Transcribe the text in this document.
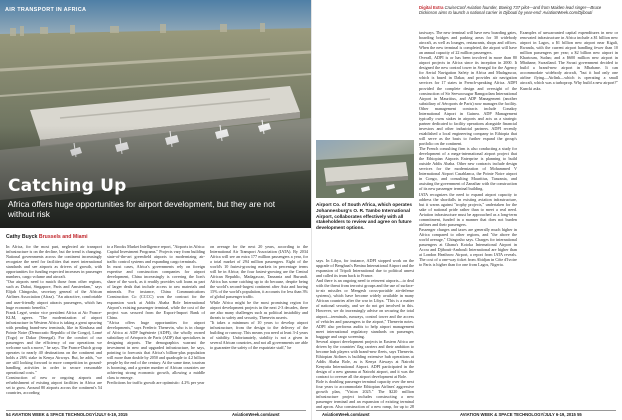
AIR TRANSPORT IN AFRICA
Catching Up
Africa offers huge opportunities for airport development, but they are not without risk
Cathy Buyck Brussels and Miami
In Africa, for the most part, neglected air transport infrastructure is on the decline, but the trend is changing. National governments across the continent increasingly recognize the need for facilities that meet international standards and see airports as drivers of growth, with opportunities for funding expected increases in passenger numbers, cargo volume and aircraft.
"Our airports need to match those from other regions, such as Dubai, Singapore, Paris and Amsterdam," says Elijah Chingosho, secretary general of the African Airlines Association (Afraa). "An attractive, comfortable and user-friendly airport attracts passengers, which has huge economic benefits."
Frank Legré, senior vice president Africa at Air France-KLM, agrees. "The modernization of airport infrastructure in Western Africa is taking a great upswing with pending brand-new terminals, like in Kinshasa and Pointe Noire (Democratic Republic of the Congo), Lomé (Togo) or Dakar (Senegal). For the comfort of our passengers and the efficiency of our operations we welcome such a move," he says. The France-Dutch group operates to nearly 40 destinations on the continent and holds a 26% stake in Kenya Airways. But, he adds, "we are still looking forward to more competition in ground-handling activities in order to secure reasonable operational costs."
Construction of new or ongoing airports and refurbishment of existing airport facilities in Africa are set to grow. Around 80 airports across the continent's 54 countries, according
to a Brooks Market Intelligence report, "Airports in Africa: Capital Investment Programs." Projects vary from building state-of-the-art greenfield airports to modernizing air-traffic control systems and expanding cargo terminals.
In most cases, Africa's governments rely on foreign expertise and construction companies for airport development, China increasingly is covering the lion's share of the work, as it readily provides soft loans as part of larger deals that include access to raw materials and minerals. For instance, China Communications Construction Co (CCCC) won the contract for the expansion work at Addis Ababa Bole International Airport's existing passenger terminal, while the cost of the project was secured from the Export-Import Bank of China.
"Africa offers huge opportunities for airport developments," says Frederic Thenevin, who is in charge of Africa at ADP Ingénierie (ADPI), the wholly owned subsidiary of Aéroports de Paris (ADP) that specializes in designing airports. The demographics warrant the investment in new and upgraded infrastructure, he says, pointing to forecasts that Africa's billion-plus population will more than double by 2050 and quadruple to 4.2 billion people by the end of the century. At the same time, tourism is booming, and a greater number of African countries are achieving strong economic growth, allowing a middle class to emerge.
Predictions for traffic growth are optimistic: 4.2% per year
on average for the next 20 years, according to the International Air Transport Association (IATA). By 2034 Africa will see an extra 177 million passengers a year, for a total market of 294 million passengers. Eight of the world's 10 fastest-growing markets in percentage terms will be in Africa; the four fastest-growing are the Central African Republic, Madagascar, Tanzania and Burundi. Africa has some catching up to do because, despite being the world's second-largest continent after Asia and having 15% of the world's population, it accounts for less than 3% of global passenger traffic.
While Africa might be the most promising region for airport development projects in the next 2-3 decades, there are also many challenges such as political instability and threats to safety and security, Thenevin asserts.
"It takes a minimum of 10 years to develop airport infrastructure, from the design to the delivery of the building or runway. This means you need at least 3-4 years of stability. Unfortunately, stability is not a given in several African countries, and not all governments are able to guarantee the safety of the expatriate staff," he
Airport Co. of South Africa, which operates Johannesburg's O. R. Tambo International Airport, collaborates effectively with all stakeholders to review and agree on future development options.
says. In Libya, for instance, ADPI stopped work on the upgrade of Benghazi's Benina International Airport and the expansion of Tripoli International due to political unrest and called its team back to France.
And there is an ongoing need to reinvent airports—to deal with the threat from terrorist groups and the use of surface-to-air missiles or Mengesh cross-portable air-defense systems), which have become widely available in many African countries after the war in Libya. "This is a matter of national security, and we do not get involved in this. However, we do increasingly advise on securing the total airport—terminals, runways, control tower and the access of vehicles and passengers to the airport," Thenevin notes. ADPI also performs audits to help airport management meet international regulatory standards on passenger, baggage and cargo screening.
Several airport development projects in Eastern Africa are driven by the countries' flag carriers and their ambition to become hub players with brand-new fleets, says Thenevin. Ethiopian Airlines is building extensive hub operations at Addis Ababa Bole, as is Kenya Airways at Nairobi Kenyatta International Airport. ADPI participated in the design of a new gamma at Nairobi airport, and it was the contract to oversee all the airport development at Bole.
Bole is doubling passenger terminal capacity over the next four years to accommodate Ethiopian Airlines' aggressive growth plan, "Vision 2025." The $220 million infrastructure project includes constructing a new passenger terminal and an expansion of existing terminal and apron. Also construction of a new ramp, for up to 28
Digital Extra CruiseConf Aviation founder, Boeing 737 pilot—and from Maiden lead singer—Bruce Dickinson aims to launch a national carrier in Djibouti by year-end: AviationWeek.com/Djibouti
taxiways. The new terminal will have new boarding gates, boarding bridges and parking areas for 30 widebody aircraft, as well as lounges, restaurants, shops and offices. When the new terminal is completed, the airport will have an annual capacity of 22 million passengers.
Overall, ADPI is or has been involved in more than 80 airport projects in Africa since its inception in 2000. It designed the new control tower in Senegal for the Agency for Aerial Navigation Safety in Africa and Madagascar, which is based in Dakar, and provides air navigation services for 17 states in French-speaking Africa. ADPI provided the complete design and oversight of the construction of Sir Seewoosagur Ramgoolam International Airport in Mauritius, and ADP Management (another subsidiary of Aéroports de Paris) now manages the facility. Other management contracts include Conakry International Airport in Guinea. ADP Management typically owns stakes in airports and acts as a strategic partner dedicated to facility operations alongside financial investors and other industrial partners. ADPI recently established a local engineering company in Ethiopia that will serve as the basis to further expand the group's portfolio on the continent.
The French consulting firm is also conducting a study for development of a mega-international airport project that the Ethiopian Airports Enterprise is planning to build outside Addis Ababa. Other new contracts include design services for the modernization of Mohammed V International Airport Casablanca, the Pointe Noire airport in Congo, and consulting Mauritius, Tanzania, and assisting the government of Zanzibar with the construction of its new passenger terminal building.
IATA recognizes the need to expand airport capacity to address the shortfalls in existing aviation infrastructure, but it warns against "trophy projects," undertaken for the sake of national pride rather than to meet a real need. Aviation infrastructure must be approached as a long-term commitment, funded in a manner that does not burden airlines and their passengers.
Passenger charges and taxes are generally much higher in Africa compared to other regions, and "the above the world average," Chingosho says. Charges for international passengers at Ghana's Kotoka International Airport in Accra and Djibouti-Ambouli International are higher than at London Heathrow Airport, a report from IATA reveals. The cost of a one-way ticket from Abidjan in Côte d'Ivoire to Paris is higher than for one from Lagos, Nigeria.
Examples of unwarranted capital expenditures in new or renovated infrastructure in Africa include a $1 billion new airport in Lagos, a $1 billion new airport near Kigali, Rwanda, with the current airport handling fewer than 10 million passengers per year; a $2 billion new airport in Khartoum, Sudan; and a $600 million new airport in Mbabane, Swaziland. The Swazi government decided to build a brand-new airport in Mbabane. It can accommodate widebody aircraft, "but it had only one airline flying—Airlink—which is operating a small aircraft, which was a turboprop. Why build a new airport?" Kuncki asks.
54 AVIATION WEEK & SPACE TECHNOLOGY/JULY 6-19, 2015	AviationWeek.com/awst	AviationWeek.com/awst	AVIATION WEEK & SPACE TECHNOLOGY/JULY 6-19, 2015 55
